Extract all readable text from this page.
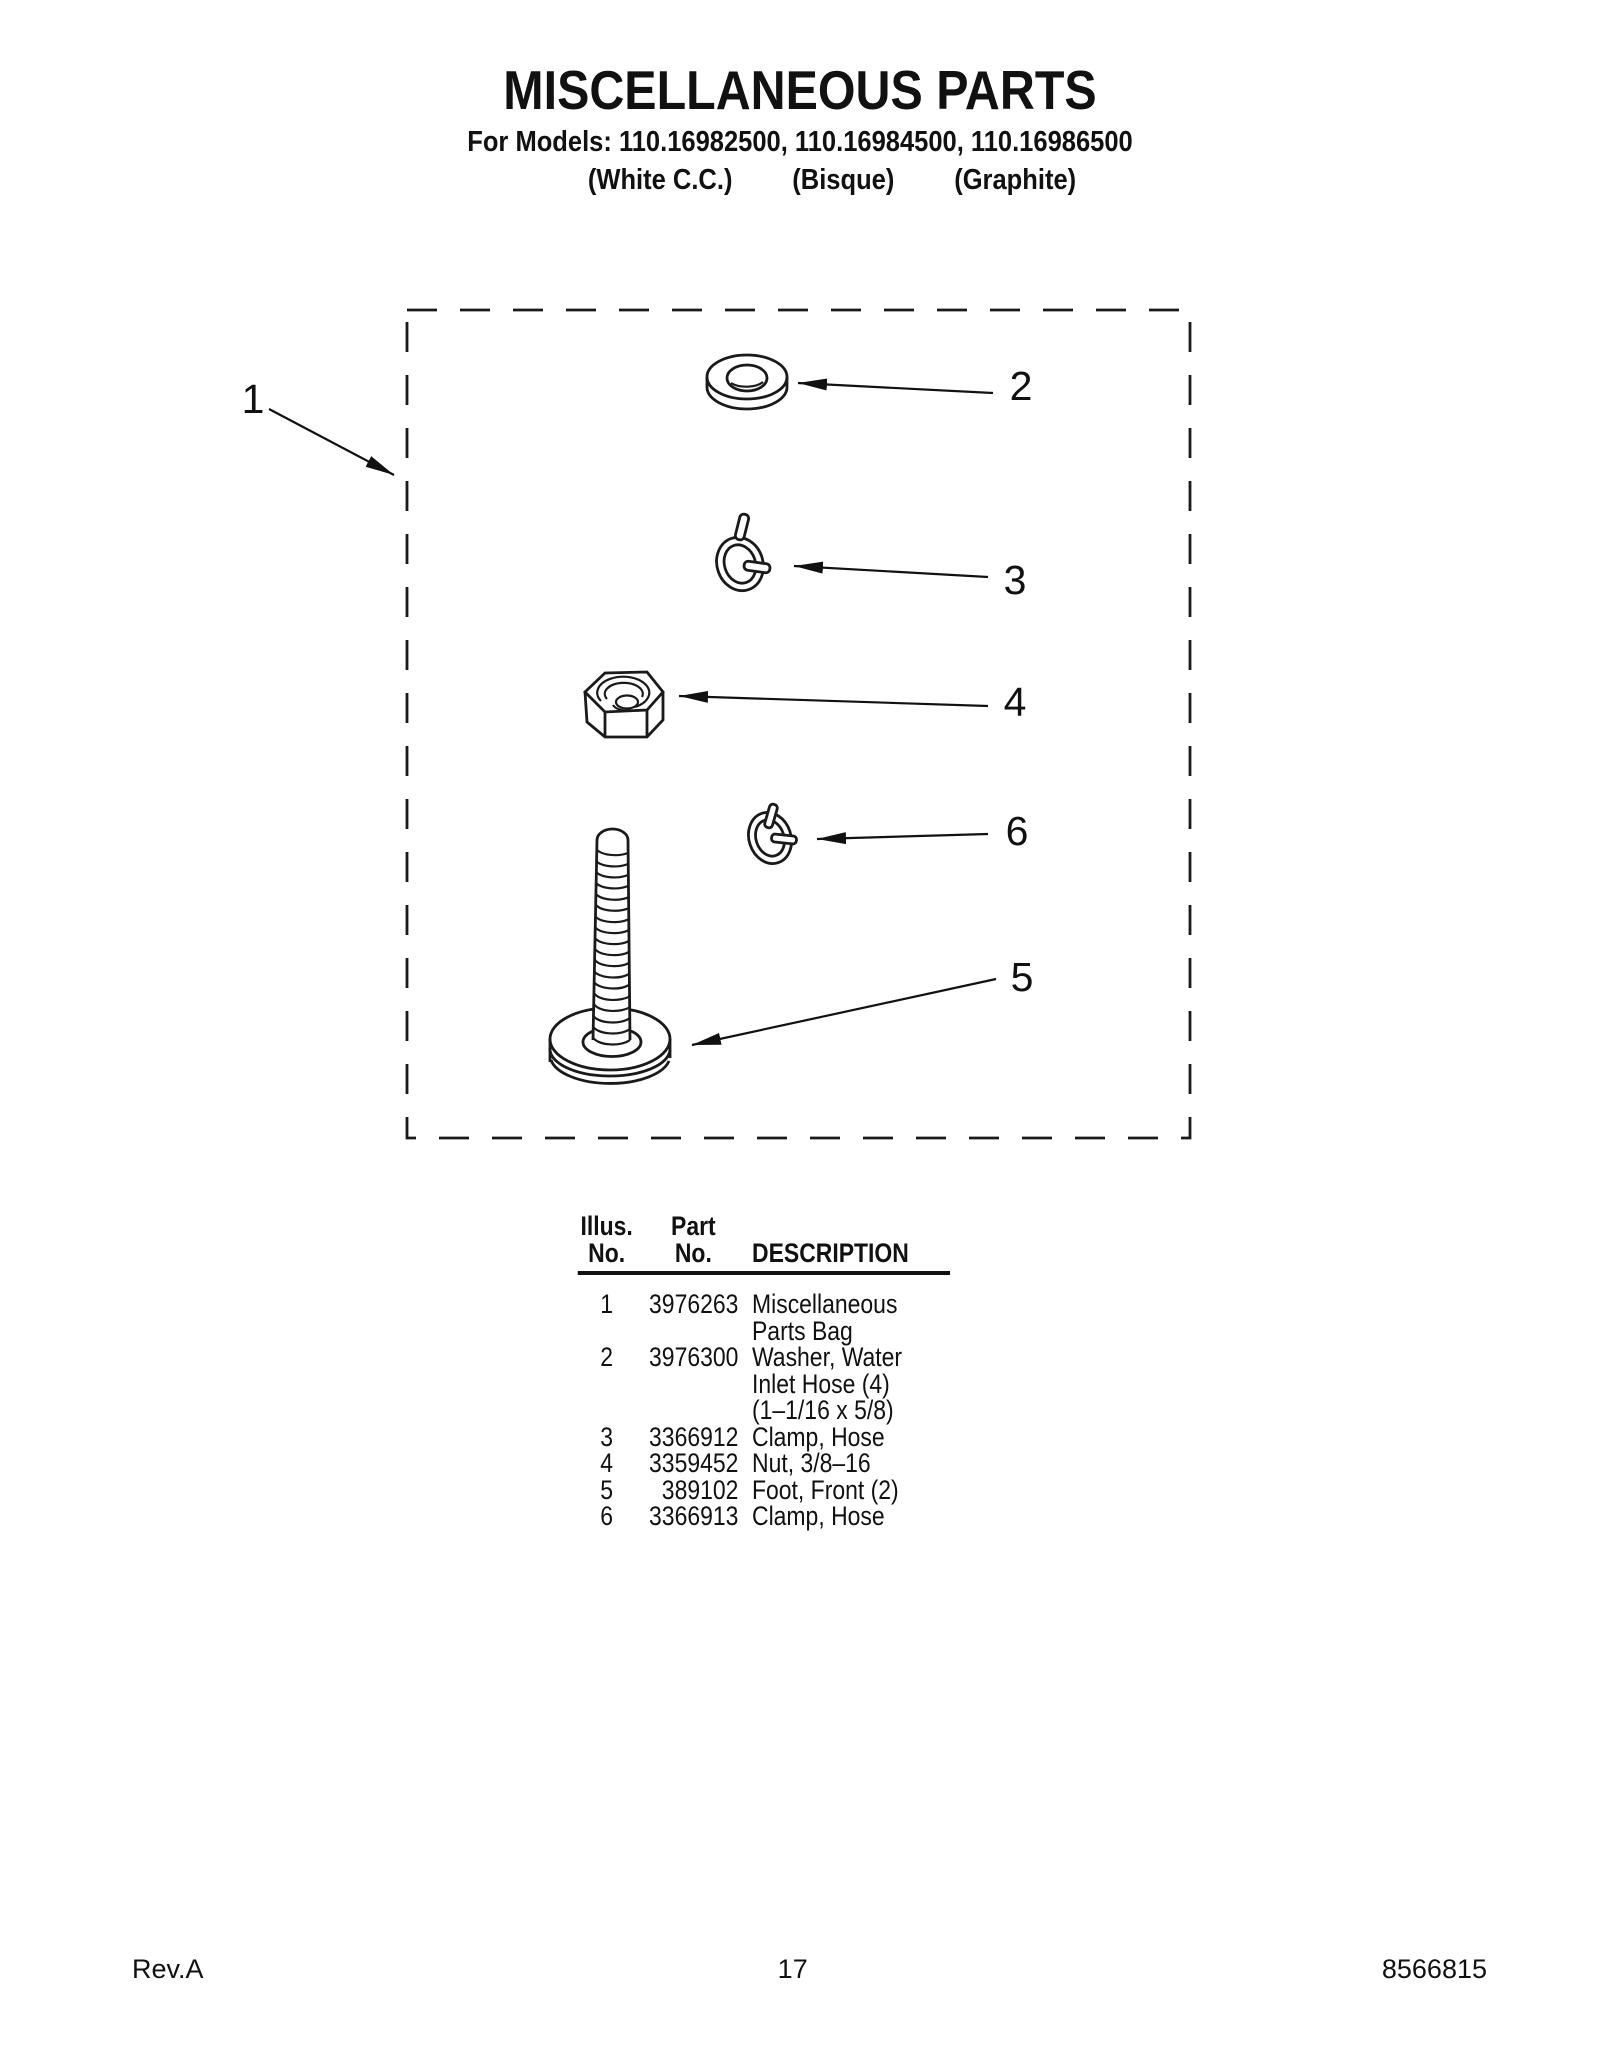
MISCELLANEOUS PARTS
For Models: 110.16982500, 110.16984500, 110.16986500
(White C.C.) (Bisque) (Graphite)
1	2
3
4
6
5
Illus.	Part
No.	No.	DESCRIPTION
1	3976263 Miscellaneous
Parts Bag
2	3976300 Washer, Water
Inlet Hose (4)
(1–1/16 x 5/8)
3	3366912 Clamp, Hose
4	3359452 Nut, 3/8–16
5	389102 Foot, Front (2)
6	3366913 Clamp, Hose
Rev.A	17	8566815
